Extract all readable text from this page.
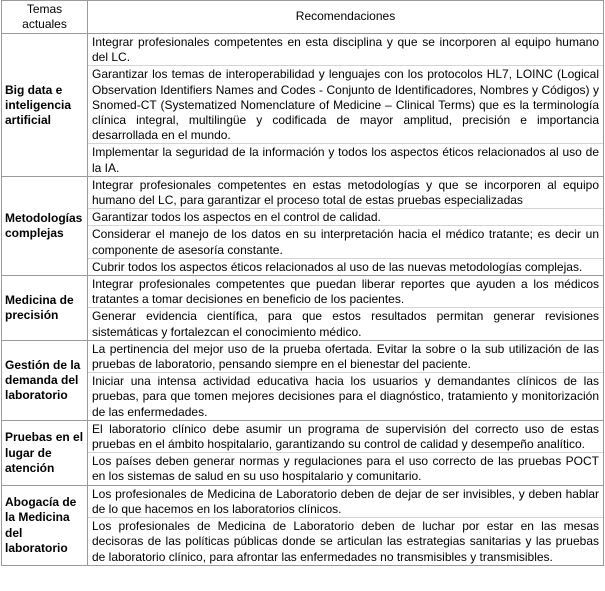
Temas actuales	Recomendaciones
Big data e inteligencia artificial	Integrar profesionales competentes en esta disciplina y que se incorporen al equipo humano del LC.

Garantizar los temas de interoperabilidad y lenguajes con los protocolos HL7, LOINC (Logical Observation Identifiers Names and Codes - Conjunto de Identificadores, Nombres y Códigos) y Snomed-CT (Systematized Nomenclature of Medicine – Clinical Terms) que es la terminología clínica integral, multilingüe y codificada de mayor amplitud, precisión e importancia desarrollada en el mundo.

Implementar la seguridad de la información y todos los aspectos éticos relacionados al uso de la IA.

Metodologías complejas	Integrar profesionales competentes en estas metodologías y que se incorporen al equipo humano del LC, para garantizar el proceso total de estas pruebas especializadas

Garantizar todos los aspectos en el control de calidad.

Considerar el manejo de los datos en su interpretación hacia el médico tratante; es decir un componente de asesoría constante.

Cubrir todos los aspectos éticos relacionados al uso de las nuevas metodologías complejas.

Medicina de precisión	Integrar profesionales competentes que puedan liberar reportes que ayuden a los médicos tratantes a tomar decisiones en beneficio de los pacientes.

Generar evidencia científica, para que estos resultados permitan generar revisiones sistemáticas y fortalezcan el conocimiento médico.

Gestión de la demanda del laboratorio	La pertinencia del mejor uso de la prueba ofertada. Evitar la sobre o la sub utilización de las pruebas de laboratorio, pensando siempre en el bienestar del paciente.

Iniciar una intensa actividad educativa hacia los usuarios y demandantes clínicos de las pruebas, para que tomen mejores decisiones para el diagnóstico, tratamiento y monitorización de las enfermedades.

Pruebas en el lugar de atención	El laboratorio clínico debe asumir un programa de supervisión del correcto uso de estas pruebas en el ámbito hospitalario, garantizando su control de calidad y desempeño analítico.

Los países deben generar normas y regulaciones para el uso correcto de las pruebas POCT en los sistemas de salud en su uso hospitalario y comunitario.

Abogacía de la Medicina del laboratorio	Los profesionales de Medicina de Laboratorio deben de dejar de ser invisibles, y deben hablar de lo que hacemos en los laboratorios clínicos.

Los profesionales de Medicina de Laboratorio deben de luchar por estar en las mesas decisoras de las políticas públicas donde se articulan las estrategias sanitarias y las pruebas de laboratorio clínico, para afrontar las enfermedades no transmisibles y transmisibles.
